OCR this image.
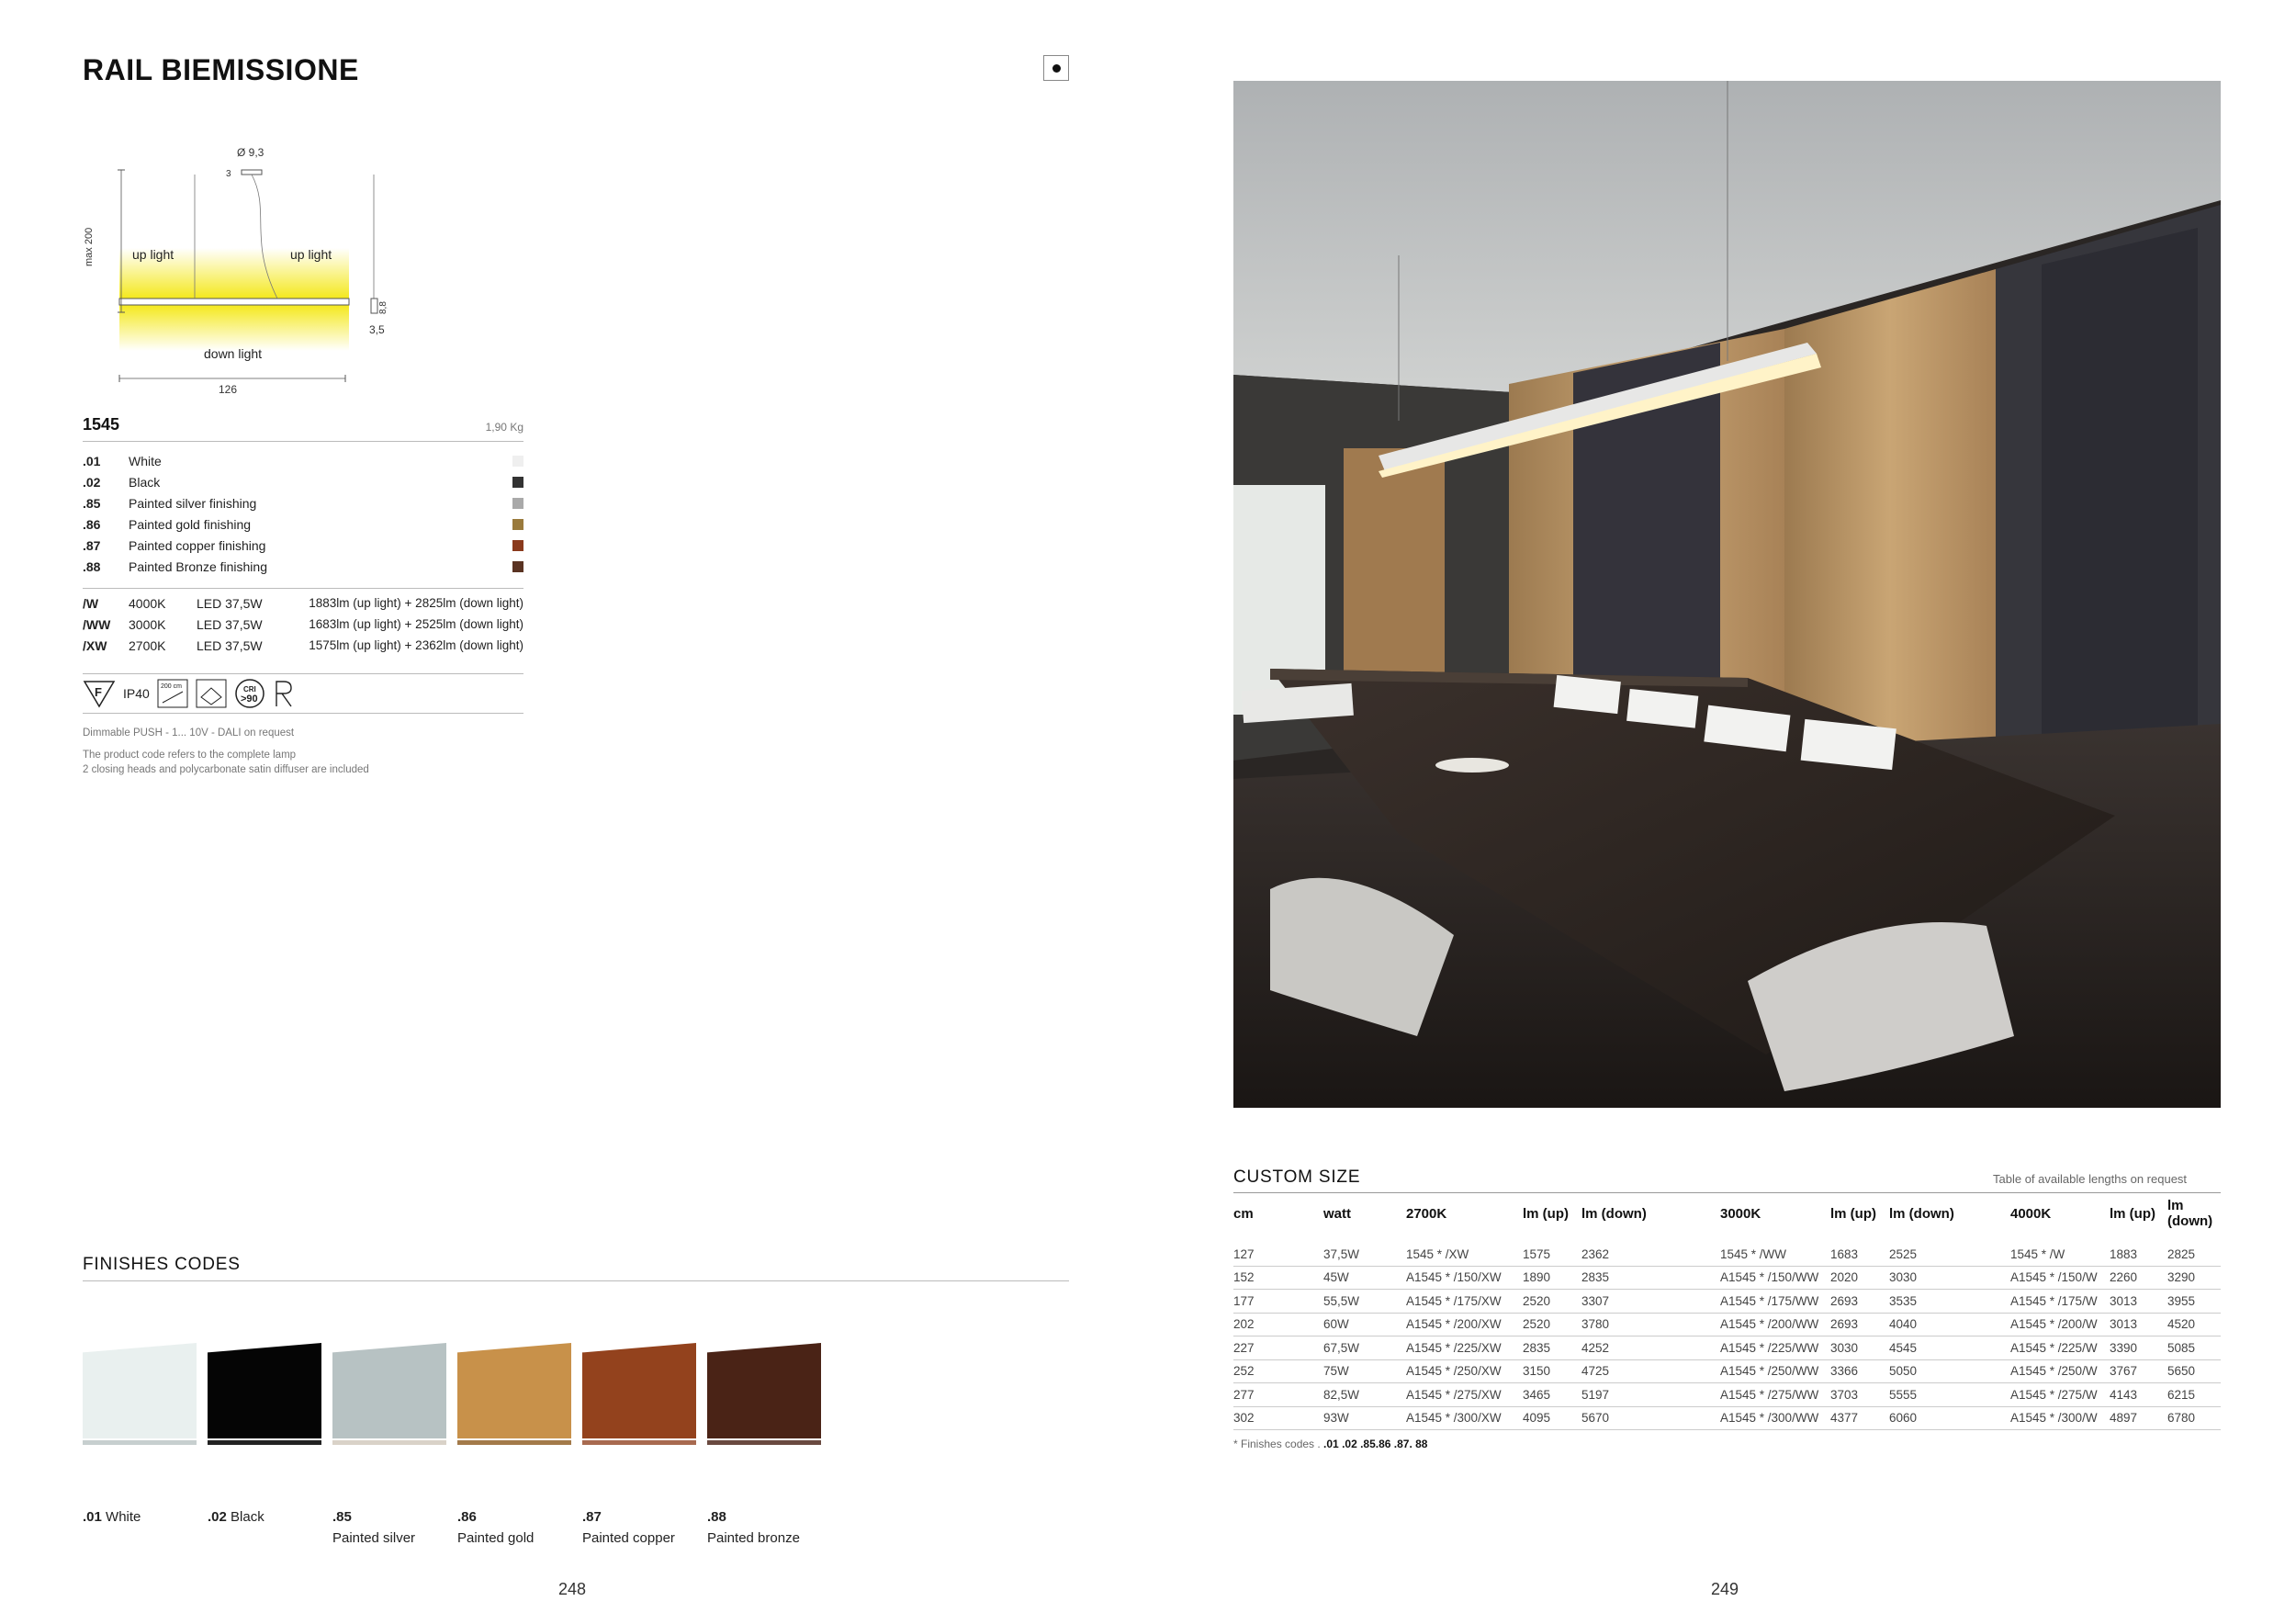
RAIL BIEMISSIONE
Ø 9,3
3
max 200	up light	up light
down light
126
3,5
8,8
1545	1,90 Kg
.01	White
.02	Black
.85	Painted silver finishing
.86	Painted gold finishing
.87	Painted copper finishing
.88	Painted Bronze finishing
/W	4000K	LED 37,5W	1883lm (up light) + 2825lm (down light)
/WW	3000K	LED 37,5W	1683lm (up light) + 2525lm (down light)
/XW	2700K	LED 37,5W	1575lm (up light) + 2362lm (down light)
F IP40 200 cm	CRI
>90
Dimmable PUSH - 1... 10V - DALI on request
The product code refers to the complete lamp
2 closing heads and polycarbonate satin diffuser are included
FINISHES CODES
.01 White	.02 Black	.85
Painted silver
.86
Painted gold
.87
Painted copper
.88
Painted bronze
248
CUSTOM SIZE	Table of available lengths on request
cm	watt	2700K	lm (up)	lm (down)	3000K	lm (up)	lm (down)	4000K	lm (up)	lm (down)

127	37,5W	1545 * /XW	1575	2362	1545 * /WW	1683	2525	1545 * /W	1883	2825
152	45W	A1545 * /150/XW	1890	2835	A1545 * /150/WW	2020	3030	A1545 * /150/W	2260	3290
177	55,5W	A1545 * /175/XW	2520	3307	A1545 * /175/WW	2693	3535	A1545 * /175/W	3013	3955
202	60W	A1545 * /200/XW	2520	3780	A1545 * /200/WW	2693	4040	A1545 * /200/W	3013	4520
227	67,5W	A1545 * /225/XW	2835	4252	A1545 * /225/WW	3030	4545	A1545 * /225/W	3390	5085
252	75W	A1545 * /250/XW	3150	4725	A1545 * /250/WW	3366	5050	A1545 * /250/W	3767	5650
277	82,5W	A1545 * /275/XW	3465	5197	A1545 * /275/WW	3703	5555	A1545 * /275/W	4143	6215
302	93W	A1545 * /300/XW	4095	5670	A1545 * /300/WW	4377	6060	A1545 * /300/W	4897	6780
* Finishes codes . .01 .02 .85.86 .87. 88
249
